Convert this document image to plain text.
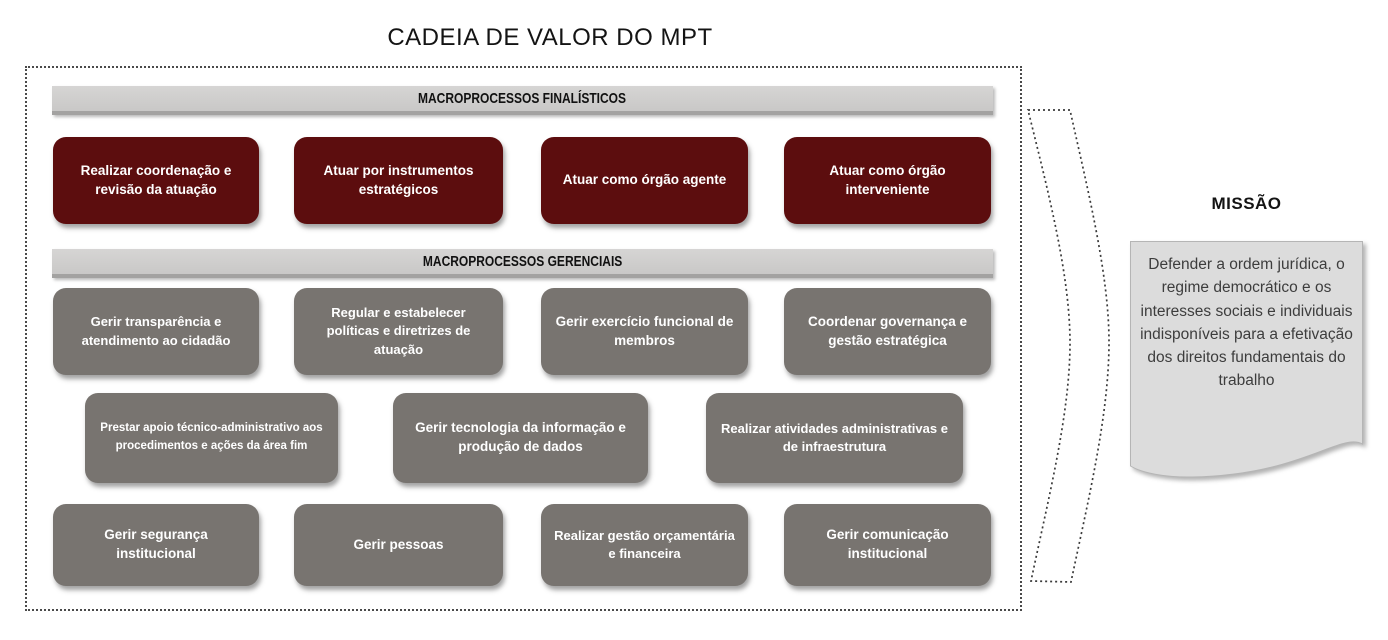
CADEIA DE VALOR DO MPT
MACROPROCESSOS FINALÍSTICOS
Realizar coordenação e revisão da atuação
Atuar por instrumentos estratégicos
Atuar como órgão agente
Atuar como órgão interveniente
MACROPROCESSOS GERENCIAIS
Gerir transparência e atendimento ao cidadão
Regular e estabelecer políticas e diretrizes de atuação
Gerir exercício funcional de membros
Coordenar governança e gestão estratégica
Prestar apoio técnico-administrativo aos procedimentos e ações da área fim
Gerir tecnologia da informação e produção de dados
Realizar atividades administrativas e de infraestrutura
Gerir segurança institucional
Gerir pessoas
Realizar gestão orçamentária e financeira
Gerir comunicação institucional
MISSÃO
Defender a ordem jurídica, o regime democrático e os interesses sociais e individuais indisponíveis para a efetivação dos direitos fundamentais do trabalho
